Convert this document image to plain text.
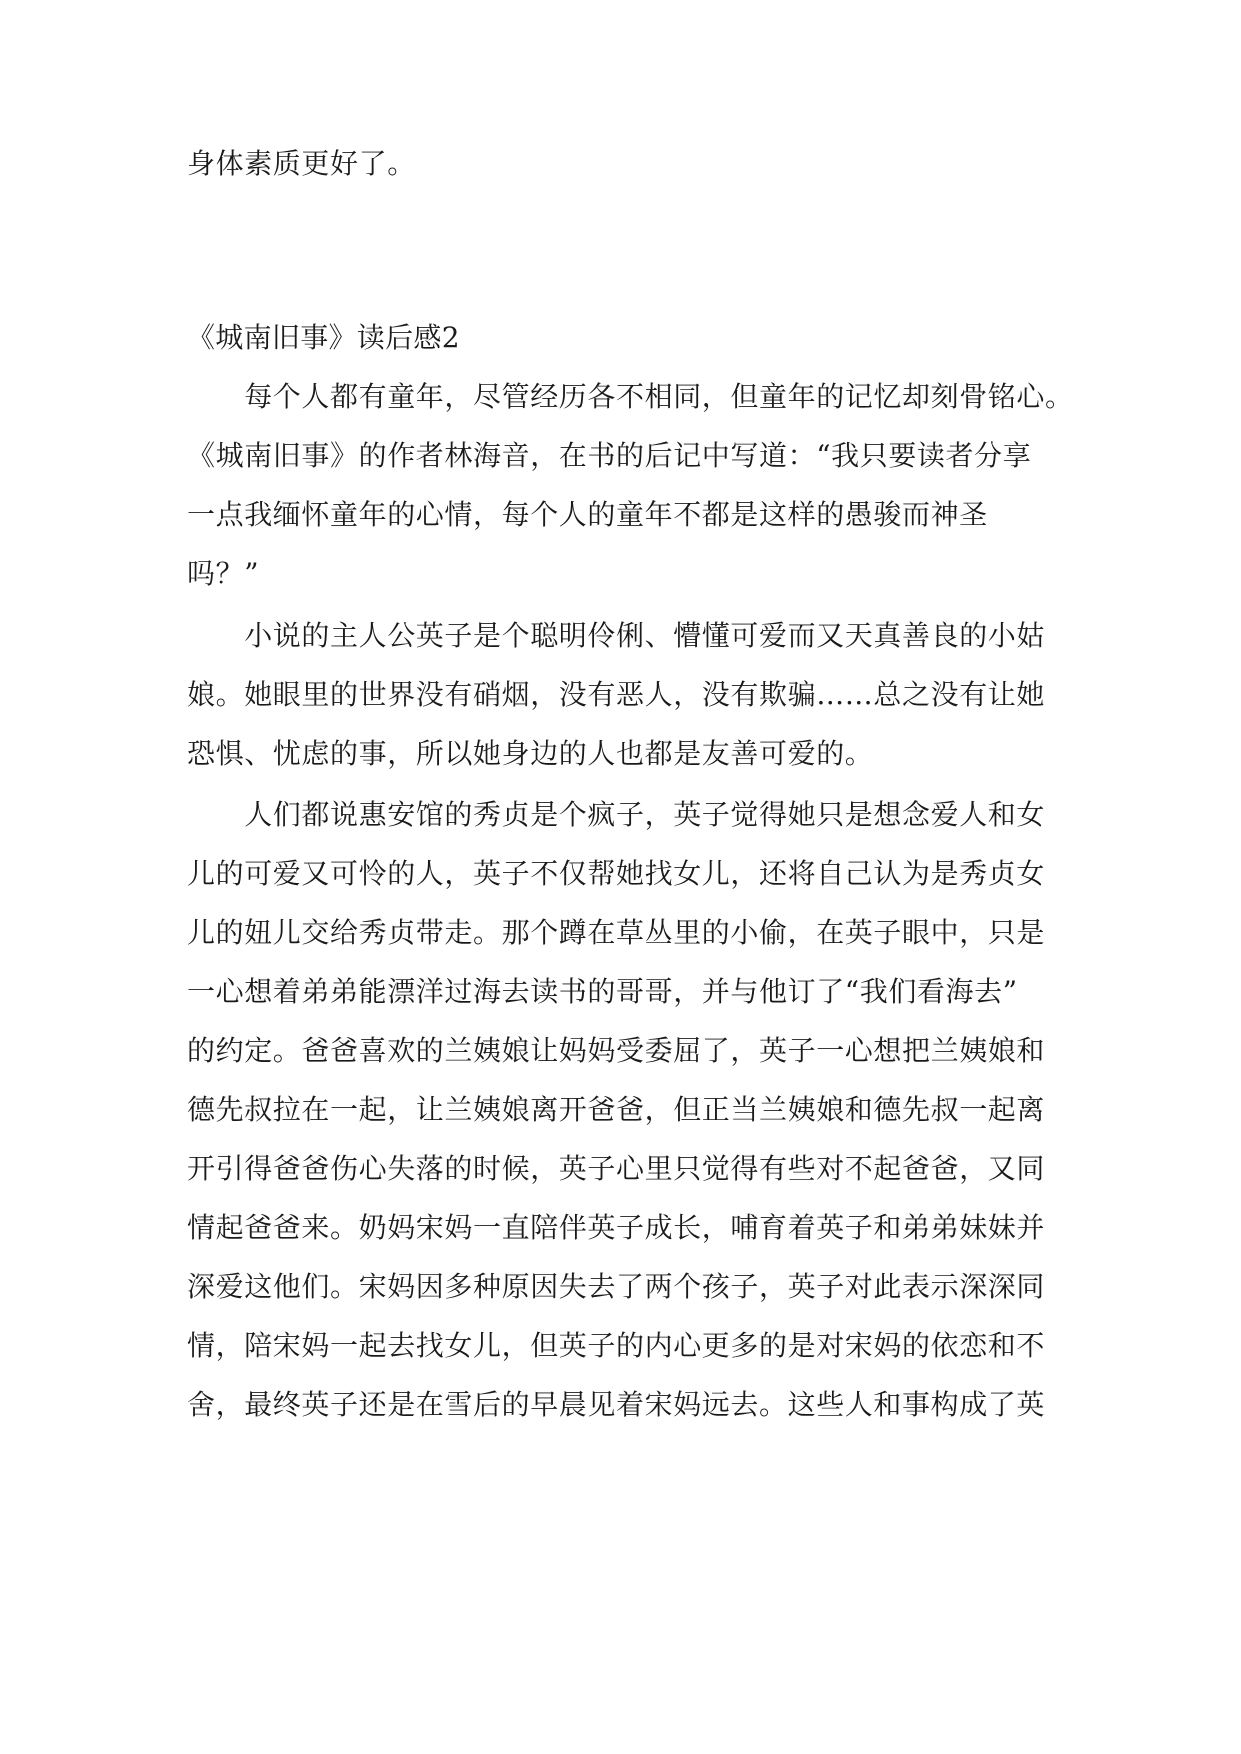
身体素质更好了。
《城南旧事》读后感2
　　每个人都有童年，尽管经历各不相同，但童年的记忆却刻骨铭心。
《城南旧事》的作者林海音，在书的后记中写道：“我只要读者分享
一点我缅怀童年的心情，每个人的童年不都是这样的愚骏而神圣
吗？”
　　小说的主人公英子是个聪明伶俐、懵懂可爱而又天真善良的小姑
娘。她眼里的世界没有硝烟，没有恶人，没有欺骗……总之没有让她
恐惧、忧虑的事，所以她身边的人也都是友善可爱的。
　　人们都说惠安馆的秀贞是个疯子，英子觉得她只是想念爱人和女
儿的可爱又可怜的人，英子不仅帮她找女儿，还将自己认为是秀贞女
儿的妞儿交给秀贞带走。那个蹲在草丛里的小偷，在英子眼中，只是
一心想着弟弟能漂洋过海去读书的哥哥，并与他订了“我们看海去”
的约定。爸爸喜欢的兰姨娘让妈妈受委屈了，英子一心想把兰姨娘和
德先叔拉在一起，让兰姨娘离开爸爸，但正当兰姨娘和德先叔一起离
开引得爸爸伤心失落的时候，英子心里只觉得有些对不起爸爸，又同
情起爸爸来。奶妈宋妈一直陪伴英子成长，哺育着英子和弟弟妹妹并
深爱这他们。宋妈因多种原因失去了两个孩子，英子对此表示深深同
情，陪宋妈一起去找女儿，但英子的内心更多的是对宋妈的依恋和不
舍，最终英子还是在雪后的早晨见着宋妈远去。这些人和事构成了英
